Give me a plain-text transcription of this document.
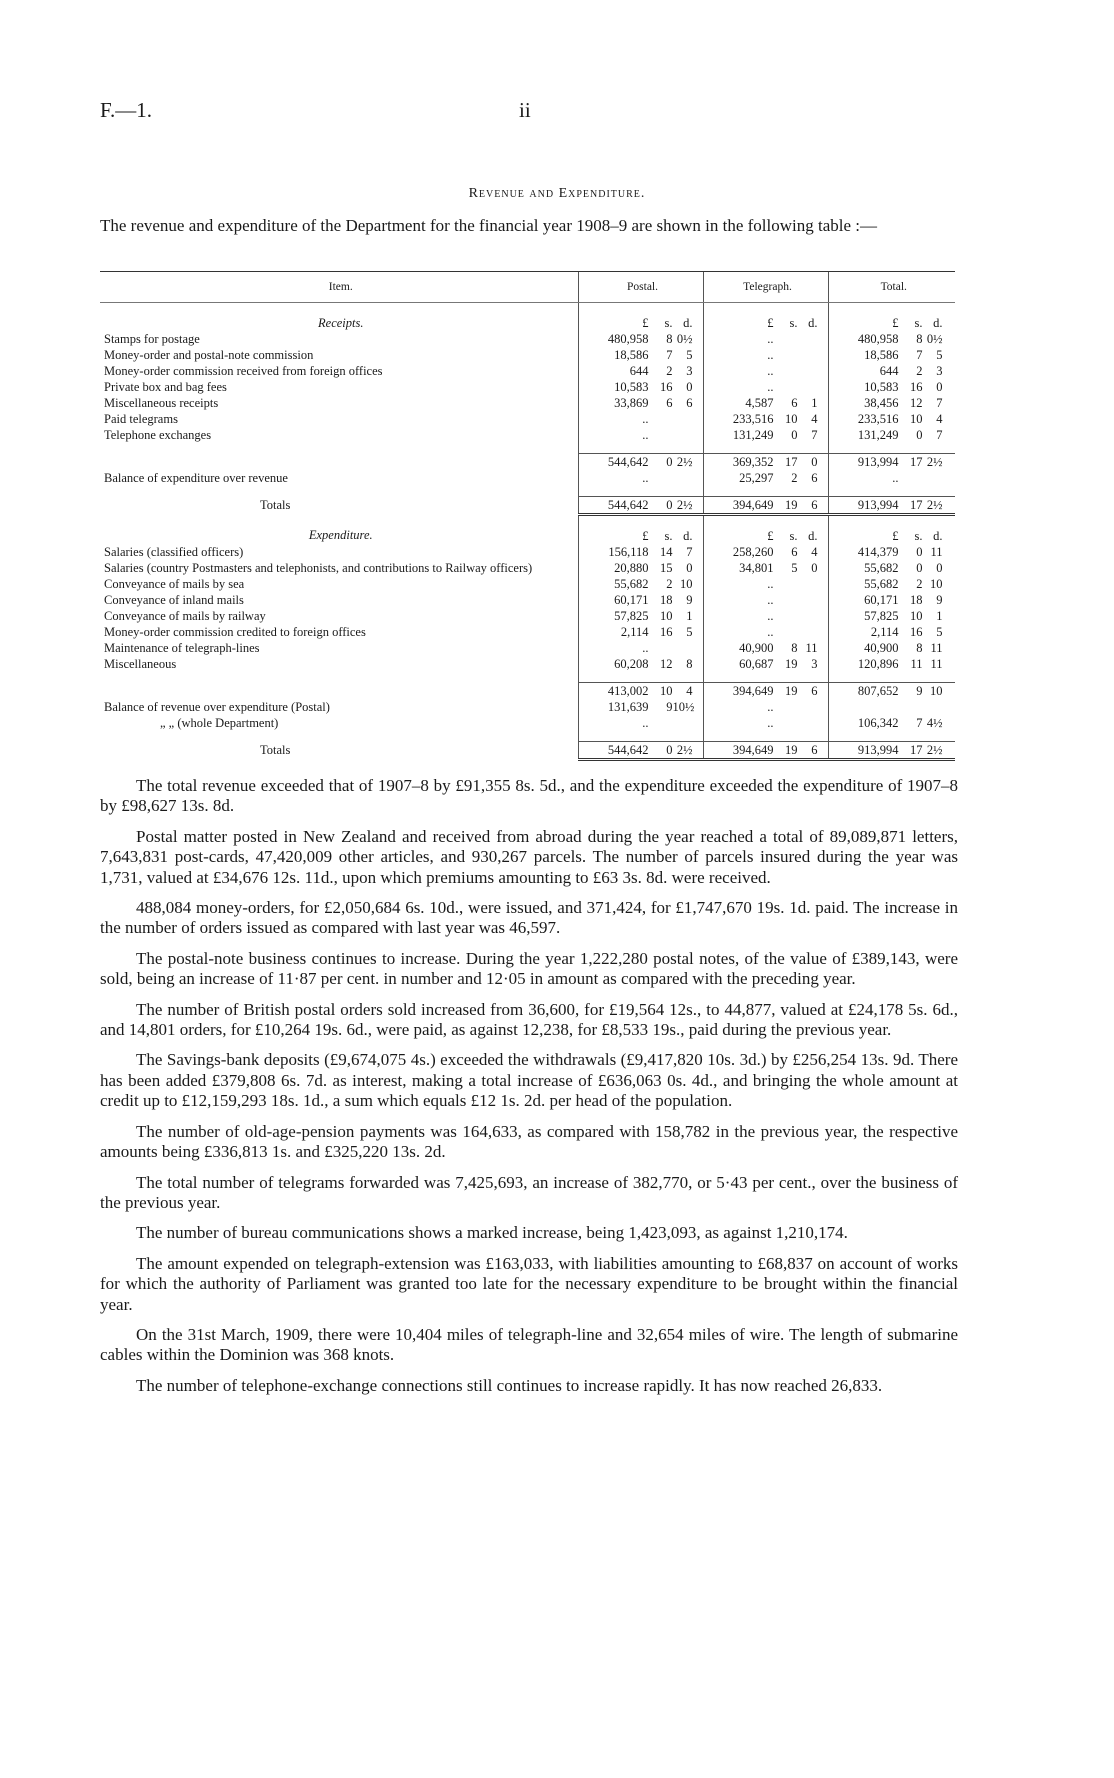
F.—1.	ii
Revenue and Expenditure.
The revenue and expenditure of the Department for the financial year 1908–9 are shown in the following table :—
Item.	Postal.	Telegraph.	Total.
Receipts.	£ s. d.	£ s. d.	£ s. d.

Stamps for postage	480,958 8 0½	..	480,958 8 0½

Money-order and postal-note commission	18,586 7 5	..	18,586 7 5

Money-order commission received from foreign offices	644 2 3	..	644 2 3

Private box and bag fees	10,583 16 0	..	10,583 16 0

Miscellaneous receipts	33,869 6 6	4,587 6 1	38,456 12 7

Paid telegrams	..	233,516 10 4	233,516 10 4

Telephone exchanges	..	131,249 0 7	131,249 0 7

	544,642 0 2½	369,352 17 0	913,994 17 2½

Balance of expenditure over revenue	..	25,297 2 6	..

Totals	544,642 0 2½	394,649 19 6	913,994 17 2½

Expenditure.	£ s. d.	£ s. d.	£ s. d.

Salaries (classified officers)	156,118 14 7	258,260 6 4	414,379 0 11

Salaries (country Postmasters and telephonists, and contributions to Railway officers)	20,880 15 0	34,801 5 0	55,682 0 0

Conveyance of mails by sea	55,682 2 10	..	55,682 2 10

Conveyance of inland mails	60,171 18 9	..	60,171 18 9

Conveyance of mails by railway	57,825 10 1	..	57,825 10 1

Money-order commission credited to foreign offices	2,114 16 5	..	2,114 16 5

Maintenance of telegraph-lines	..	40,900 8 11	40,900 8 11

Miscellaneous	60,208 12 8	60,687 19 3	120,896 11 11

	413,002 10 4	394,649 19 6	807,652 9 10

Balance of revenue over expenditure (Postal)	131,639 9 10½	..	

„ „ (whole Department)	..	..	106,342 7 4½

Totals	544,642 0 2½	394,649 19 6	913,994 17 2½

The total revenue exceeded that of 1907–8 by £91,355 8s. 5d., and the expenditure exceeded the expenditure of 1907–8 by £98,627 13s. 8d.

Postal matter posted in New Zealand and received from abroad during the year reached a total of 89,089,871 letters, 7,643,831 post-cards, 47,420,009 other articles, and 930,267 parcels. The number of parcels insured during the year was 1,731, valued at £34,676 12s. 11d., upon which premiums amounting to £63 3s. 8d. were received.

488,084 money-orders, for £2,050,684 6s. 10d., were issued, and 371,424, for £1,747,670 19s. 1d. paid. The increase in the number of orders issued as compared with last year was 46,597.

The postal-note business continues to increase. During the year 1,222,280 postal notes, of the value of £389,143, were sold, being an increase of 11·87 per cent. in number and 12·05 in amount as compared with the preceding year.

The number of British postal orders sold increased from 36,600, for £19,564 12s., to 44,877, valued at £24,178 5s. 6d., and 14,801 orders, for £10,264 19s. 6d., were paid, as against 12,238, for £8,533 19s., paid during the previous year.

The Savings-bank deposits (£9,674,075 4s.) exceeded the withdrawals (£9,417,820 10s. 3d.) by £256,254 13s. 9d. There has been added £379,808 6s. 7d. as interest, making a total increase of £636,063 0s. 4d., and bringing the whole amount at credit up to £12,159,293 18s. 1d., a sum which equals £12 1s. 2d. per head of the population.

The number of old-age-pension payments was 164,633, as compared with 158,782 in the previous year, the respective amounts being £336,813 1s. and £325,220 13s. 2d.

The total number of telegrams forwarded was 7,425,693, an increase of 382,770, or 5·43 per cent., over the business of the previous year.

The number of bureau communications shows a marked increase, being 1,423,093, as against 1,210,174.

The amount expended on telegraph-extension was £163,033, with liabilities amounting to £68,837 on account of works for which the authority of Parliament was granted too late for the necessary expenditure to be brought within the financial year.

On the 31st March, 1909, there were 10,404 miles of telegraph-line and 32,654 miles of wire. The length of submarine cables within the Dominion was 368 knots.

The number of telephone-exchange connections still continues to increase rapidly. It has now reached 26,833.
